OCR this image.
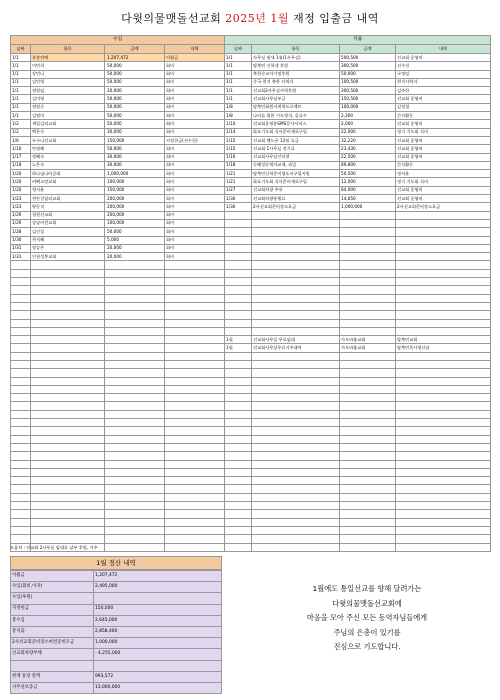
다윗의물맷돌선교회 2025년 1월 재정 입출금 내역
수입				지출			
날짜	항목	금액	내역	날짜	항목	금액	내역
1/1	통장잔액	1,207,472	이월금	1/1	사무실 월세 1월(1사무실)	500,500	선교회 운영비
1/1	이민희	50,000	회비	1/1	탈북민 신학생 후원	300,500	선수헌
1/1	강민나	50,000	회비	1/1	북한순교자가정후원	50,000	구정임
1/1	김민영	50,000	회비	1/1	중국 현지 북한 사역자	100,500	현지사역자
1/1	정원임	20,000	회비	1/1	선교회2사무실사역후원	300,500	김주한
1/1	김미영	50,000	회비	1/1	선교회사무실부금	150,500	선교회 운영비
1/1	정원순	50,000	회비	1/8	탈북민회원자개혁프로젝트	100,000	김정철
1/1	김영미	50,000	회비	1/8	나라를 위한 기도정석, 음료수	2,300	간식활동
1/2	세입김리교회	50,000	회비	1/10	선교회운영용SMS문자서비스	2,000	선교회 운영비
1/2	백은숙	30,000	회비	1/14	화요기도회 식사준비재료구입	22,000	정기 기도회 식비
1/6	누구나선교회	150,000	지정헌금(선수헌)	1/15	선교회 밴드폰 12월 요금	32,220	선교회 운영비
1/10	안명혜	50,000	회비	1/15	선교회 1사무실 전기료	23,430	선교회 운영비
1/17	정혜숙	30,000	회비	1/16	선교회사무실인터넷	22,500	선교회 운영비
1/18	노은숙	30,000	회비	1/18	순혜성동역자교제, 과일	89,800	간식활동
1/20	하나님나라군대	1,000,000	회비	1/21	탈북민신학준비생도서구입지원	50,500	정서윤
1/20	커펙소망교회	100,000	회비	1/21	화요기도회 식사준비재료구입	12,000	정기 기도회 식비
1/20	정서윤	150,000	회비	1/27	선교회차량 주유	84,000	선교회 운영비
1/23	천안갈릴리교회	200,000	회비	1/30	선교회차량통행료	14,650	선교회 운영비
1/23	양동석	200,000	회비	1/30	2사선교회준비장소요금	1,000,000	2사선교회준비장소요금
1/26	청원선교회	200,000	회비				
1/26	강남비전교회	100,000	회비				
1/28	김인섭	50,000	회비				
1/30	천지혜	5,000	회비				
1/31	정승은	20,000	회비				
1/31	인천성봉교회	20,000	회비				

				1월	선교회사무실 무료임대	사도바울교회	탈북민교회
				1월	선교회사무실무료거주대여	사도바울교회	탈북민목사생선남

도움처 : 선교회 2사무실 임대료 납부 후원, 거주
1월 정산 내역
이월금	1,207,472
수입(회비,이자)	2,495,000
수입(후원)	
지정헌금	150,000
총수입	2,645,000
총지출	2,858,400
2사선교회준비장소마련준비모금	1,000,000
선교회차량부채	- 4,255,000

현재 통장 잔액	993,572
사무실보증금	13,000,000
1월에도 통일선교를 향해 달려가는
다윗의물맷돌선교회에
마음을 모아 주신 모든 동역자님들에게
주님의 은총이 있기를
진심으로 기도합니다.
